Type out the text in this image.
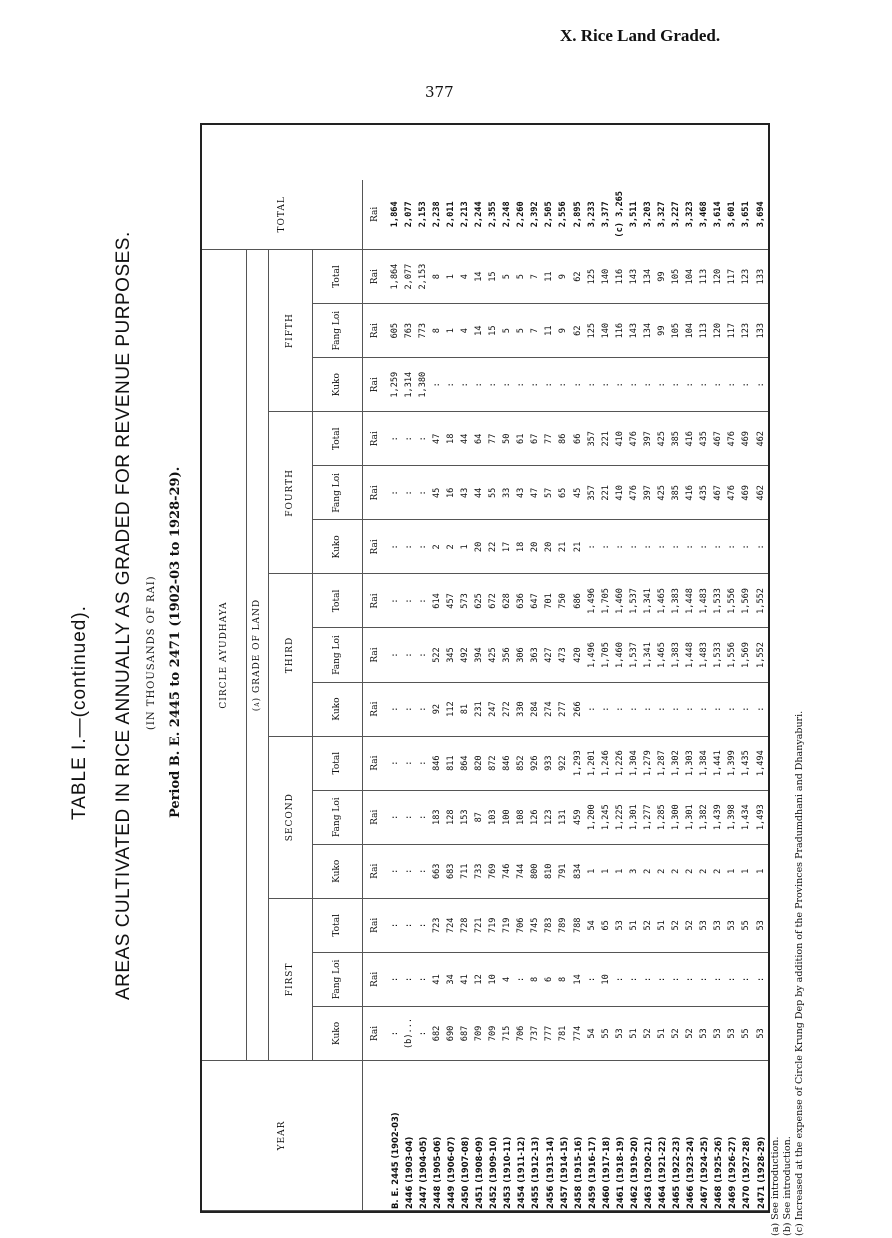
X. Rice Land Graded.
377
TABLE I.—(continued). AREAS CULTIVATED IN RICE ANNUALLY AS GRADED FOR REVENUE PURPOSES. (IN THOUSANDS OF RAI) Period B. E. 2445 to 2471 (1902-03 to 1928-29).
YEAR	CIRCLE AYUDHAYA															TOTAL
	(a) GRADE OF LAND															
	FIRST			SECOND			THIRD			FOURTH			FIFTH			
	Kuko	Fang Loi	Total	Kuko	Fang Loi	Total	Kuko	Fang Loi	Total	Kuko	Fang Loi	Total	Kuko	Fang Loi	Total	
	Rai	Rai	Rai	Rai	Rai	Rai	Rai	Rai	Rai	Rai	Rai	Rai	Rai	Rai	Rai	Rai
B. E. 2445 (1902-03)	:	:	:	:	:	:	:	:	:	:	:	:	1,259	605	1,864	1,864
2446 (1903-04)	(b)...	:	:	:	:	:	:	:	:	:	:	:	1,314	763	2,077	2,077
2447 (1904-05)	:	:	:	:	:	:	:	:	:	:	:	:	1,380	773	2,153	2,153
2448 (1905-06)	682	41	723	663	183	846	92	522	614	2	45	47	:	8	8	2,238
2449 (1906-07)	690	34	724	683	128	811	112	345	457	2	16	18	:	1	1	2,011
2450 (1907-08)	687	41	728	711	153	864	81	492	573	1	43	44	:	4	4	2,213
2451 (1908-09)	709	12	721	733	87	820	231	394	625	20	44	64	:	14	14	2,244
2452 (1909-10)	709	10	719	769	103	872	247	425	672	22	55	77	:	15	15	2,355
2453 (1910-11)	715	4	719	746	100	846	272	356	628	17	33	50	:	5	5	2,248
2454 (1911-12)	706	:	706	744	108	852	330	306	636	18	43	61	:	5	5	2,260
2455 (1912-13)	737	8	745	800	126	926	284	363	647	20	47	67	:	7	7	2,392
2456 (1913-14)	777	6	783	810	123	933	274	427	701	20	57	77	:	11	11	2,505
2457 (1914-15)	781	8	789	791	131	922	277	473	750	21	65	86	:	9	9	2,556
2458 (1915-16)	774	14	788	834	459	1,293	266	420	686	21	45	66	:	62	62	2,895
2459 (1916-17)	54	:	54	1	1,200	1,201	:	1,496	1,496	:	357	357	:	125	125	3,233
2460 (1917-18)	55	10	65	1	1,245	1,246	:	1,705	1,705	:	221	221	:	140	140	3,377
2461 (1918-19)	53	:	53	1	1,225	1,226	:	1,460	1,460	:	410	410	:	116	116	(c) 3,265	
2462 (1919-20)	51	:	51	3	1,301	1,304	:	1,537	1,537	:	476	476	:	143	143	3,511
2463 (1920-21)	52	:	52	2	1,277	1,279	:	1,341	1,341	:	397	397	:	134	134	3,203
2464 (1921-22)	51	:	51	2	1,285	1,287	:	1,465	1,465	:	425	425	:	99	99	3,327
2465 (1922-23)	52	:	52	2	1,300	1,302	:	1,383	1,383	:	385	385	:	105	105	3,227
2466 (1923-24)	52	:	52	2	1,301	1,303	:	1,448	1,448	:	416	416	:	104	104	3,323
2467 (1924-25)	53	:	53	2	1,382	1,384	:	1,483	1,483	:	435	435	:	113	113	3,468
2468 (1925-26)	53	:	53	2	1,439	1,441	:	1,533	1,533	:	467	467	:	120	120	3,614
2469 (1926-27)	53	:	53	1	1,398	1,399	:	1,556	1,556	:	476	476	:	117	117	3,601
2470 (1927-28)	55	:	55	1	1,434	1,435	:	1,569	1,569	:	469	469	:	123	123	3,651
2471 (1928-29)	53	:	53	1	1,493	1,494	:	1,552	1,552	:	462	462	:	133	133	3,694
(a) See introduction. (b) See introduction. (c) Increased at the expense of Circle Krung Dep by addition of the Provinces Pradumdhani and Dhanyaburi.
